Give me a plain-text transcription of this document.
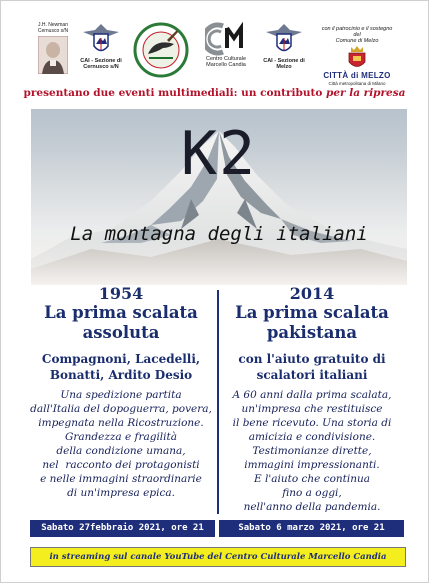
J.H. Newman
Cernusco s/N
CAI - Sezione di
Cernusco s/N
Centro Culturale
Marcello Candia
CAI - Sezione di
Melzo
con il patrocinio e il sostegno del
Comune di Melzo
CITTÀ di MELZO
Città metropolitana di Milano
presentano due eventi multimediali: un contributo per la ripresa
K2
La montagna degli italiani
1954
La prima scalata
assoluta
Compagnoni, Lacedelli,
Bonatti, Ardito Desio
Una spedizione partita
dall'Italia del dopoguerra, povera,
impegnata nella Ricostruzione.
Grandezza e fragilità
della condizione umana,
nel  racconto dei protagonisti
e nelle immagini straordinarie
di un'impresa epica.
2014
La prima scalata
pakistana
con l'aiuto gratuito di
scalatori italiani
A 60 anni dalla prima scalata,
un'impresa che restituisce
il bene ricevuto. Una storia di
amicizia e condivisione.
Testimonianze dirette,
immagini impressionanti.
E l'aiuto che continua
fino a oggi,
nell'anno della pandemia.
Sabato 27febbraio 2021, ore 21	Sabato 6 marzo 2021, ore 21
in streaming sul canale YouTube del Centro Culturale Marcello Candia
